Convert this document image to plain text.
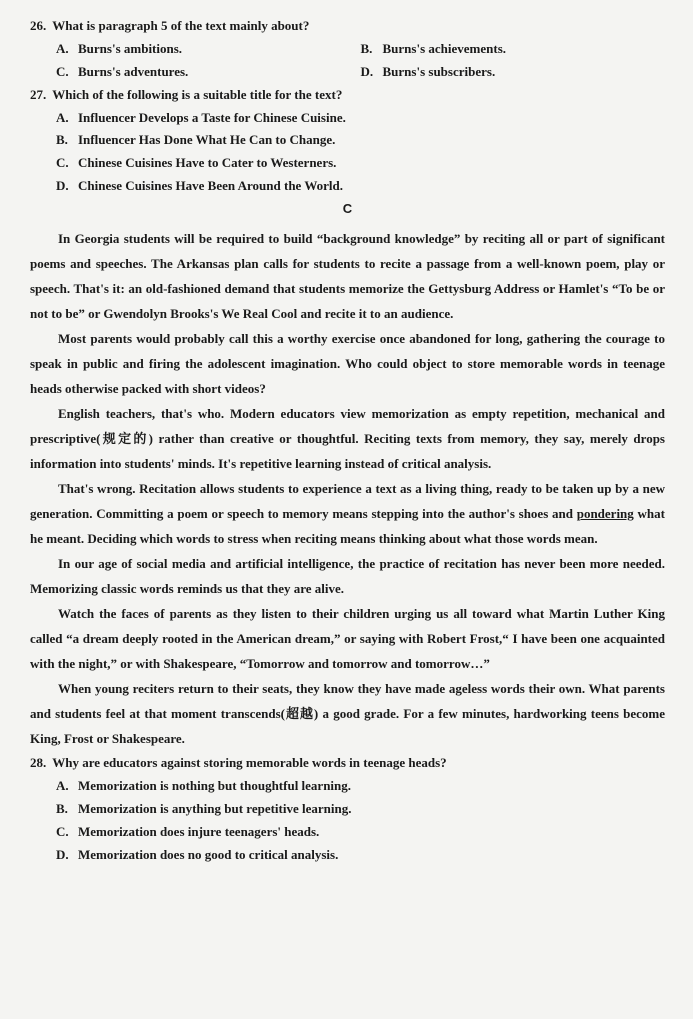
26. What is paragraph 5 of the text mainly about?
A. Burns's ambitions.	B. Burns's achievements.
C. Burns's adventures.	D. Burns's subscribers.
27. Which of the following is a suitable title for the text?
A. Influencer Develops a Taste for Chinese Cuisine.
B. Influencer Has Done What He Can to Change.
C. Chinese Cuisines Have to Cater to Westerners.
D. Chinese Cuisines Have Been Around the World.
C

In Georgia students will be required to build “background knowledge” by reciting all or part of significant poems and speeches. The Arkansas plan calls for students to recite a passage from a well-known poem, play or speech. That's it: an old-fashioned demand that students memorize the Gettysburg Address or Hamlet's “To be or not to be” or Gwendolyn Brooks's We Real Cool and recite it to an audience.

Most parents would probably call this a worthy exercise once abandoned for long, gathering the courage to speak in public and firing the adolescent imagination. Who could object to store memorable words in teenage heads otherwise packed with short videos?

English teachers, that's who. Modern educators view memorization as empty repetition, mechanical and prescriptive(规定的) rather than creative or thoughtful. Reciting texts from memory, they say, merely drops information into students' minds. It's repetitive learning instead of critical analysis.

That's wrong. Recitation allows students to experience a text as a living thing, ready to be taken up by a new generation. Committing a poem or speech to memory means stepping into the author's shoes and pondering what he meant. Deciding which words to stress when reciting means thinking about what those words mean.

In our age of social media and artificial intelligence, the practice of recitation has never been more needed. Memorizing classic words reminds us that they are alive.

Watch the faces of parents as they listen to their children urging us all toward what Martin Luther King called “a dream deeply rooted in the American dream,” or saying with Robert Frost,“ I have been one acquainted with the night,” or with Shakespeare, “Tomorrow and tomorrow and tomorrow…”

When young reciters return to their seats, they know they have made ageless words their own. What parents and students feel at that moment transcends(超越) a good grade. For a few minutes, hardworking teens become King, Frost or Shakespeare.

28. Why are educators against storing memorable words in teenage heads?
A. Memorization is nothing but thoughtful learning.
B. Memorization is anything but repetitive learning.
C. Memorization does injure teenagers' heads.
D. Memorization does no good to critical analysis.
